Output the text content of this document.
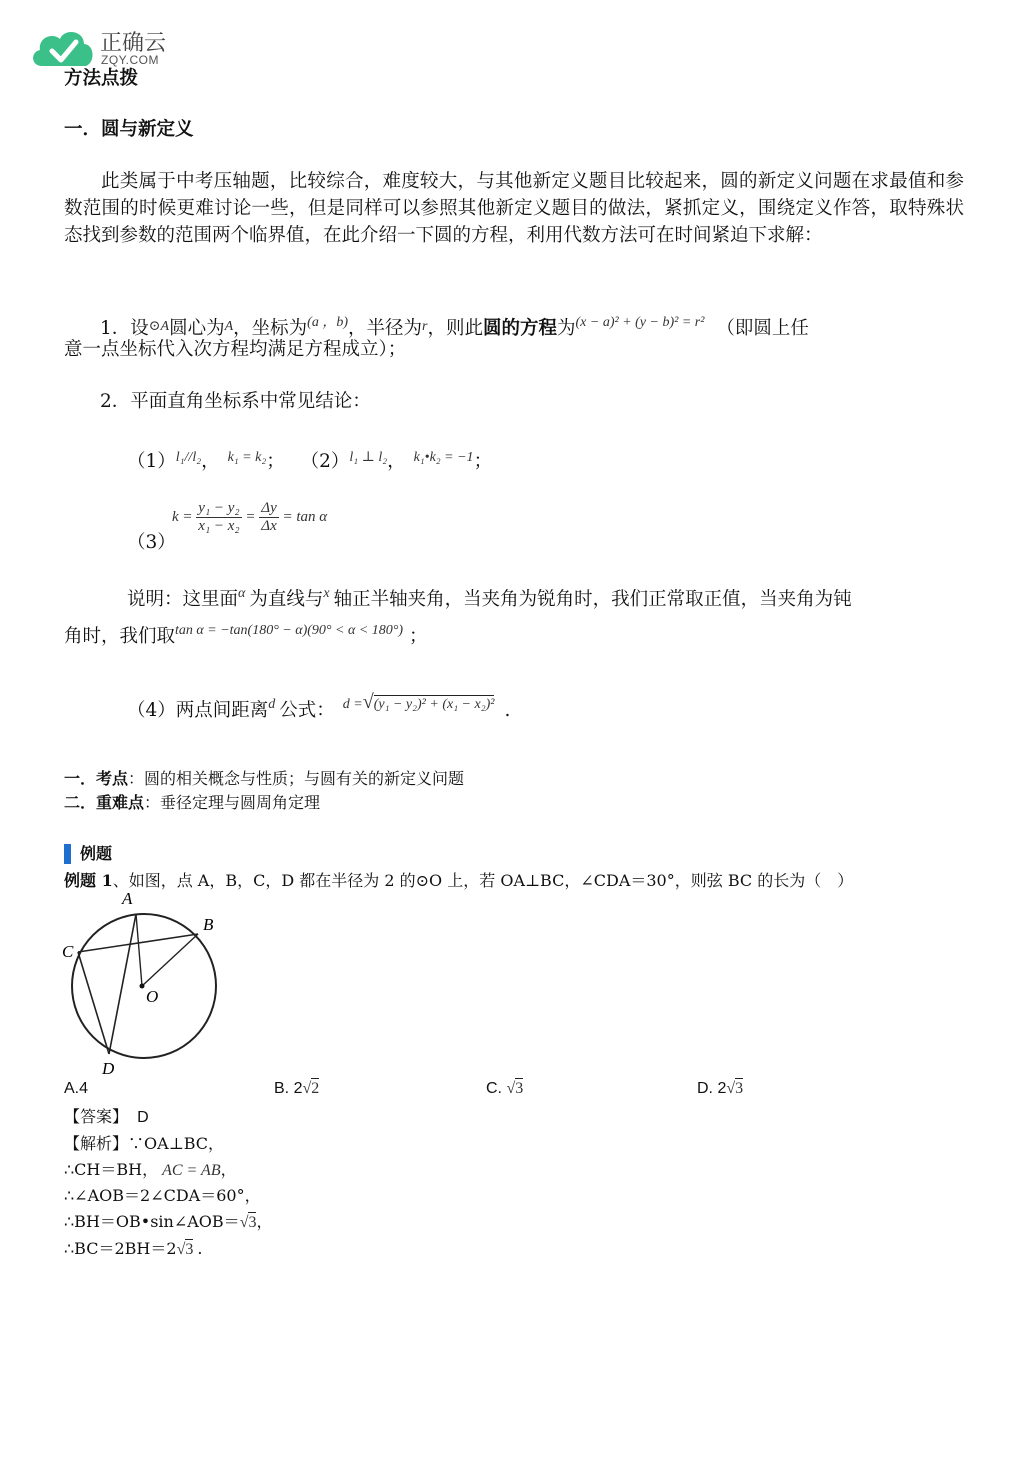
正确云
ZQY.COM
方法点拨
一．圆与新定义
此类属于中考压轴题，比较综合，难度较大，与其他新定义题目比较起来，圆的新定义问题在求最值和参数范围的时候更难讨论一些，但是同样可以参照其他新定义题目的做法，紧抓定义，围绕定义作答，取特殊状态找到参数的范围两个临界值，在此介绍一下圆的方程，利用代数方法可在时间紧迫下求解：
1．设$^{⊙A}$圆心为$^A$，坐标为$^{(a ,b)}$，半径为$^r$，则此圆的方程为$^{(x - a)^2 + (y - b)^2 = r^2}$ （即圆上任
意一点坐标代入次方程均满足方程成立）；
2．平面直角坐标系中常见结论：
$(1)^{l_1//l_2}$， $^{k_1 = k_2}$； $(2)^{l_1 \perp l_2}$， $^{k_1•k_2 = -1}$；
（3）
$k = \frac{\text{y₁ − y₂}}{\text{x₁ − x₂}} = \frac{\Delta y}{\Delta x} = \tan \alpha$
说明：这里面$^\alpha$ 为直线与$^x$ 轴正半轴夹角，当夹角为锐角时，我们正常取正值，当夹角为钝
角时，我们取$^{tan \alpha = -tan(180^\circ - \alpha)(90^\circ < \alpha < 180^\circ)}$ ；
（4）两点间距离$^d$ 公式： $^{d =}$√$^{(y_1 - y_2)^2 + (x_1 - x_2)^2}$ .
一．考点：圆的相关概念与性质；与圆有关的新定义问题
二．重难点：垂径定理与圆周角定理
例题
例题 1、如图，点 A，B，C，D 都在半径为 2 的⊙O 上，若 OA⊥BC，∠CDA＝30°，则弦 BC 的长为（　）
A
B
C
O
D
A.4	B. 2√2	C. √3	D. 2√3
【答案】 D
【解析】∵OA⊥BC，
∴CH＝BH， AC = AB，
∴∠AOB＝2∠CDA＝60°，
∴BH＝OB•sin∠AOB＝√3，
∴BC＝2BH＝2√3 .
